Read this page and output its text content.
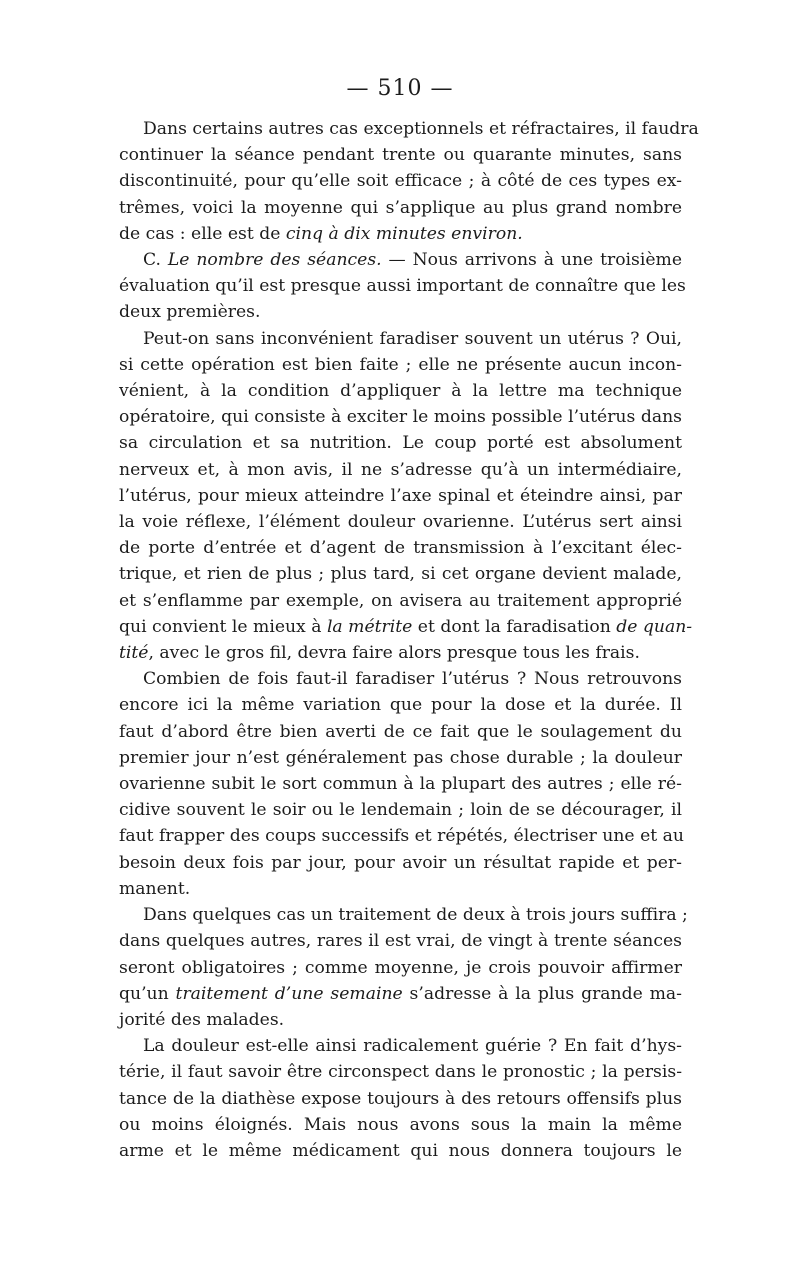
— 510 —
Dans certains autres cas exceptionnels et réfractaires, il faudra
continuer la séance pendant trente ou quarante minutes, sans
discontinuité, pour qu’elle soit efficace ; à côté de ces types ex-
trêmes, voici la moyenne qui s’applique au plus grand nombre
de cas : elle est de cinq à dix minutes environ.
C. Le nombre des séances. — Nous arrivons à une troisième
évaluation qu’il est presque aussi important de connaître que les
deux premières.
Peut-on sans inconvénient faradiser souvent un utérus ? Oui,
si cette opération est bien faite ; elle ne présente aucun incon-
vénient, à la condition d’appliquer à la lettre ma technique
opératoire, qui consiste à exciter le moins possible l’utérus dans
sa circulation et sa nutrition. Le coup porté est absolument
nerveux et, à mon avis, il ne s’adresse qu’à un intermédiaire,
l’utérus, pour mieux atteindre l’axe spinal et éteindre ainsi, par
la voie réflexe, l’élément douleur ovarienne. L’utérus sert ainsi
de porte d’entrée et d’agent de transmission à l’excitant élec-
trique, et rien de plus ; plus tard, si cet organe devient malade,
et s’enflamme par exemple, on avisera au traitement approprié
qui convient le mieux à la métrite et dont la faradisation de quan-
tité, avec le gros fil, devra faire alors presque tous les frais.
Combien de fois faut-il faradiser l’utérus ? Nous retrouvons
encore ici la même variation que pour la dose et la durée. Il
faut d’abord être bien averti de ce fait que le soulagement du
premier jour n’est généralement pas chose durable ; la douleur
ovarienne subit le sort commun à la plupart des autres ; elle ré-
cidive souvent le soir ou le lendemain ; loin de se décourager, il
faut frapper des coups successifs et répétés, électriser une et au
besoin deux fois par jour, pour avoir un résultat rapide et per-
manent.
Dans quelques cas un traitement de deux à trois jours suffira ;
dans quelques autres, rares il est vrai, de vingt à trente séances
seront obligatoires ; comme moyenne, je crois pouvoir affirmer
qu’un traitement d’une semaine s’adresse à la plus grande ma-
jorité des malades.
La douleur est-elle ainsi radicalement guérie ? En fait d’hys-
térie, il faut savoir être circonspect dans le pronostic ; la persis-
tance de la diathèse expose toujours à des retours offensifs plus
ou moins éloignés. Mais nous avons sous la main la même
arme et le même médicament qui nous donnera toujours le
